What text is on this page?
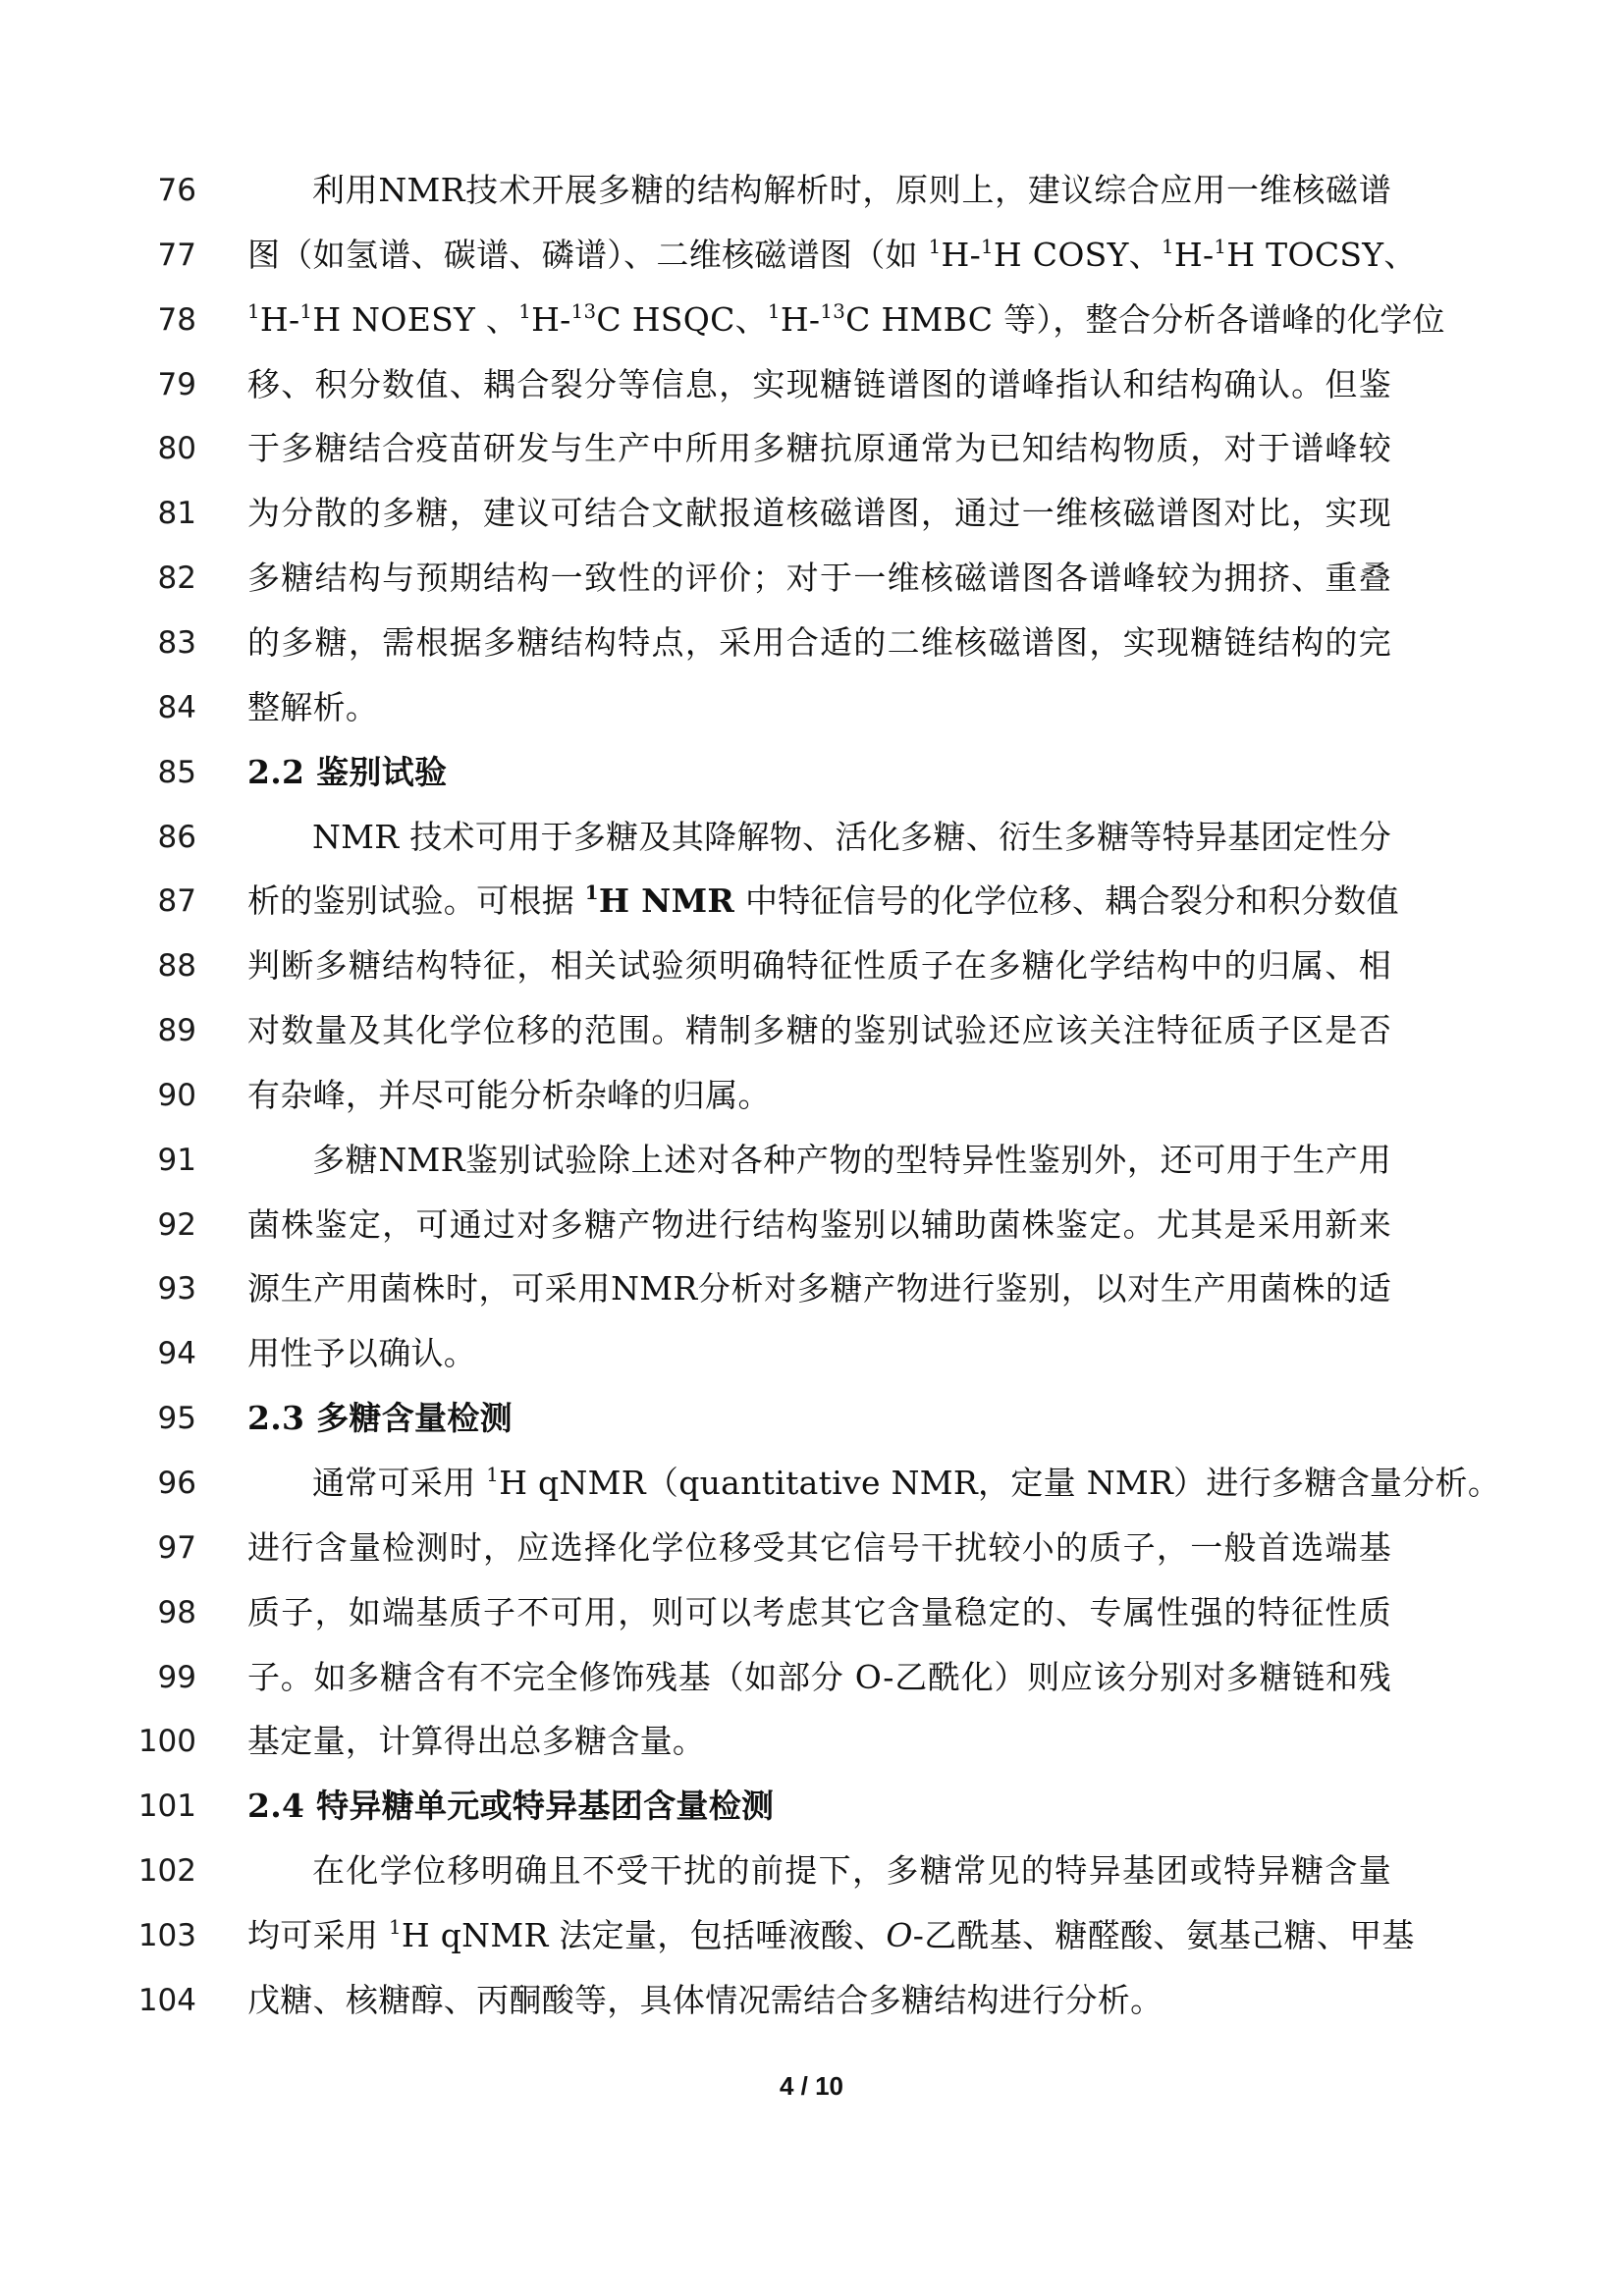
76	利用NMR技术开展多糖的结构解析时，原则上，建议综合应用一维核磁谱
77 图（如氢谱、碳谱、磷谱）、二维核磁谱图（如 $^1$H-$^1$H COSY、$^1$H-$^1$H TOCSY、
78	$^1$H-$^1$H NOESY 、$^1$H-$^{13}$C HSQC、$^1$H-$^{13}$C HMBC 等），整合分析各谱峰的化学位
79 移、积分数值、耦合裂分等信息，实现糖链谱图的谱峰指认和结构确认。但鉴
80 于多糖结合疫苗研发与生产中所用多糖抗原通常为已知结构物质，对于谱峰较
81 为分散的多糖，建议可结合文献报道核磁谱图，通过一维核磁谱图对比，实现
82 多糖结构与预期结构一致性的评价；对于一维核磁谱图各谱峰较为拥挤、重叠
83 的多糖，需根据多糖结构特点，采用合适的二维核磁谱图，实现糖链结构的完
84 整解析。
85 2.2 鉴别试验
86	NMR 技术可用于多糖及其降解物、活化多糖、衍生多糖等特异基团定性分
87 析的鉴别试验。可根据 $^1$H NMR 中特征信号的化学位移、耦合裂分和积分数值
88 判断多糖结构特征，相关试验须明确特征性质子在多糖化学结构中的归属、相
89 对数量及其化学位移的范围。精制多糖的鉴别试验还应该关注特征质子区是否
90 有杂峰，并尽可能分析杂峰的归属。
91	多糖NMR鉴别试验除上述对各种产物的型特异性鉴别外，还可用于生产用
92 菌株鉴定，可通过对多糖产物进行结构鉴别以辅助菌株鉴定。尤其是采用新来
93 源生产用菌株时，可采用NMR分析对多糖产物进行鉴别，以对生产用菌株的适
94 用性予以确认。
95 2.3 多糖含量检测
96	通常可采用 $^1$H qNMR（quantitative NMR，定量 NMR）进行多糖含量分析。
97 进行含量检测时，应选择化学位移受其它信号干扰较小的质子，一般首选端基
98 质子，如端基质子不可用，则可以考虑其它含量稳定的、专属性强的特征性质
99 子。如多糖含有不完全修饰残基（如部分 O-乙酰化）则应该分别对多糖链和残
100 基定量，计算得出总多糖含量。
101 2.4 特异糖单元或特异基团含量检测
102	在化学位移明确且不受干扰的前提下，多糖常见的特异基团或特异糖含量
103 均可采用 $^1$H qNMR 法定量，包括唾液酸、O-乙酰基、糖醛酸、氨基己糖、甲基
104 戊糖、核糖醇、丙酮酸等，具体情况需结合多糖结构进行分析。
4 / 10
